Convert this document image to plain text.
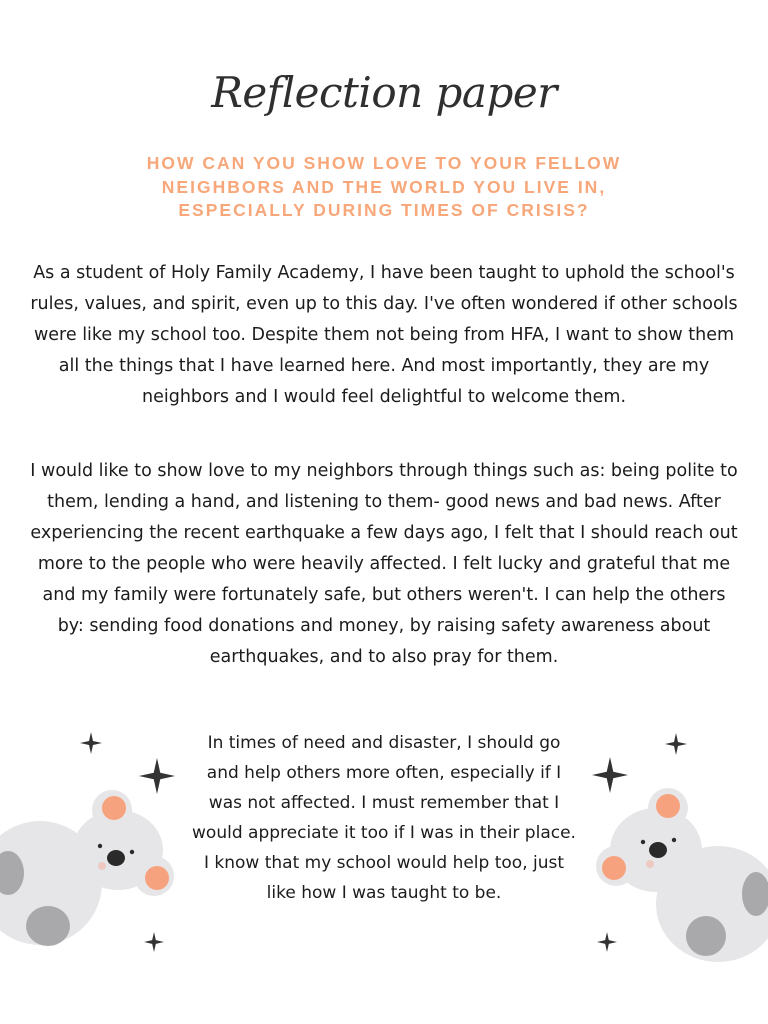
Reflection paper
HOW CAN YOU SHOW LOVE TO YOUR FELLOW NEIGHBORS AND THE WORLD YOU LIVE IN, ESPECIALLY DURING TIMES OF CRISIS?

As a student of Holy Family Academy, I have been taught to uphold the school's rules, values, and spirit, even up to this day. I've often wondered if other schools were like my school too. Despite them not being from HFA, I want to show them all the things that I have learned here. And most importantly, they are my neighbors and I would feel delightful to welcome them.

I would like to show love to my neighbors through things such as: being polite to them, lending a hand, and listening to them- good news and bad news. After experiencing the recent earthquake a few days ago, I felt that I should reach out more to the people who were heavily affected. I felt lucky and grateful that me and my family were fortunately safe, but others weren't. I can help the others by: sending food donations and money, by raising safety awareness about earthquakes, and to also pray for them.

In times of need and disaster, I should go and help others more often, especially if I was not affected. I must remember that I would appreciate it too if I was in their place. I know that my school would help too, just like how I was taught to be.
